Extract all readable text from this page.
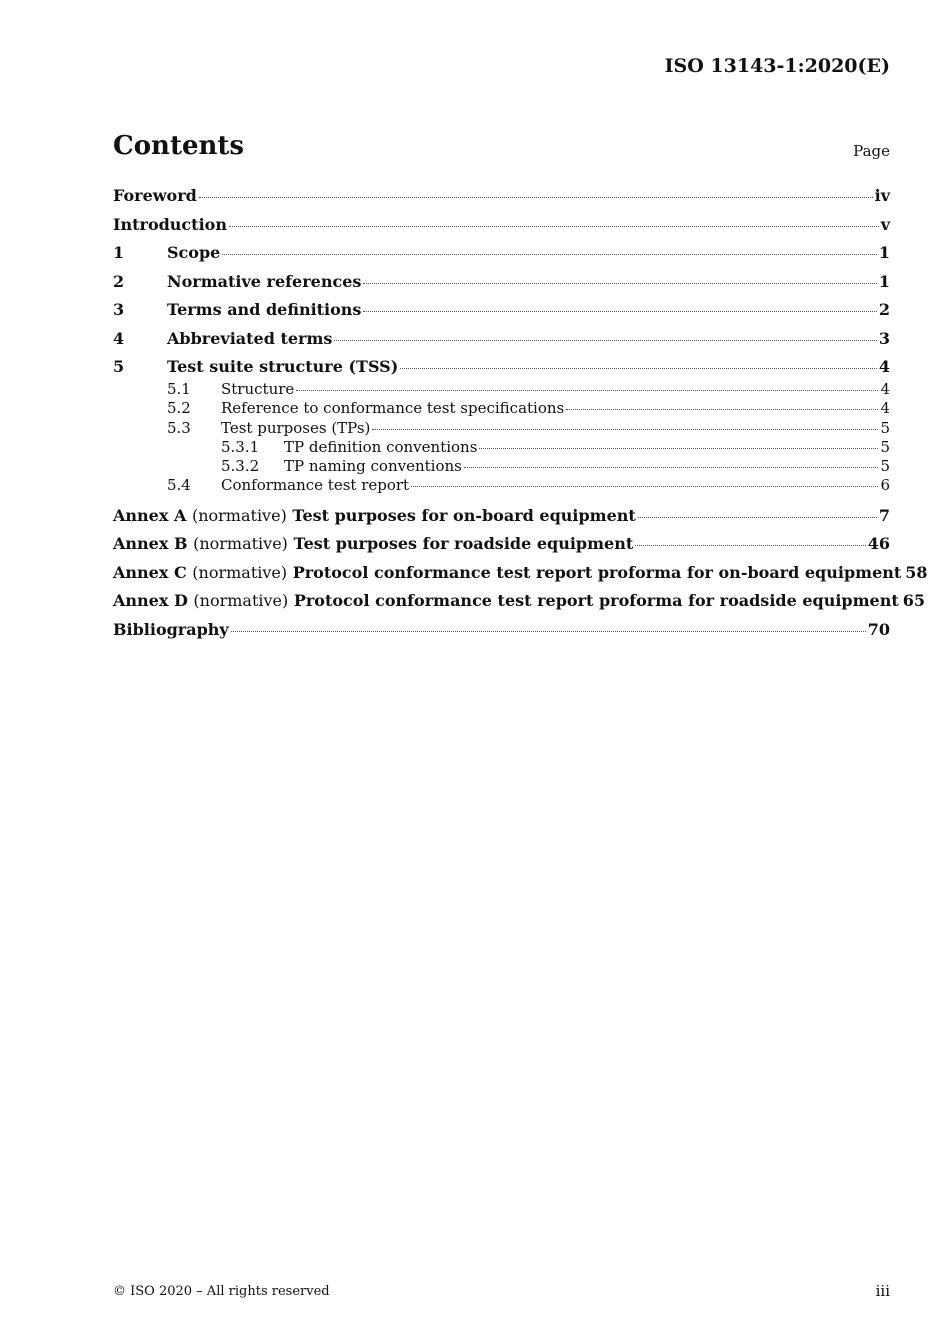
ISO 13143-1:2020(E)
Contents	Page
Foreword	iv
Introduction	v
1	Scope	1
2	Normative references	1
3	Terms and definitions	2
4	Abbreviated terms	3
5	Test suite structure (TSS)	4
5.1	Structure	4
5.2	Reference to conformance test specifications	4
5.3	Test purposes (TPs)	5
5.3.1	TP definition conventions	5
5.3.2	TP naming conventions	5
5.4	Conformance test report	6
Annex A (normative) Test purposes for on-board equipment	7
Annex B (normative) Test purposes for roadside equipment	46
Annex C (normative) Protocol conformance test report proforma for on-board equipment 58
Annex D (normative) Protocol conformance test report proforma for roadside equipment 65
Bibliography	70
© ISO 2020 – All rights reserved	iii
